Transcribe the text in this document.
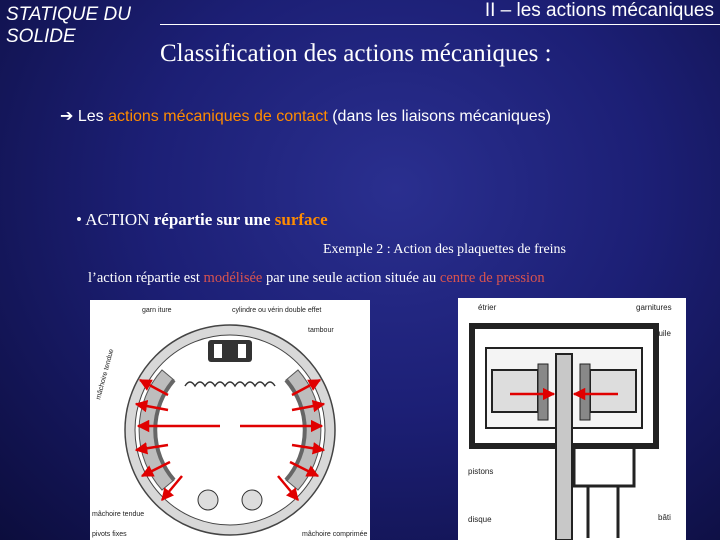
STATIQUE DU
SOLIDE
II – les actions mécaniques
Classification des actions mécaniques :
➔ Les actions mécaniques de contact (dans les liaisons mécaniques)
• ACTION répartie sur une surface
Exemple 2 : Action des plaquettes de freins
l’action répartie est modélisée par une seule action située au centre de pression
garn iture	cylindre ou vérin double effet
tambour
mâchoire tendue
mâchoire tendue
pivots fixes	mâchoire comprimée
étrier	garnitures
huile
pistons
disque	bâti
